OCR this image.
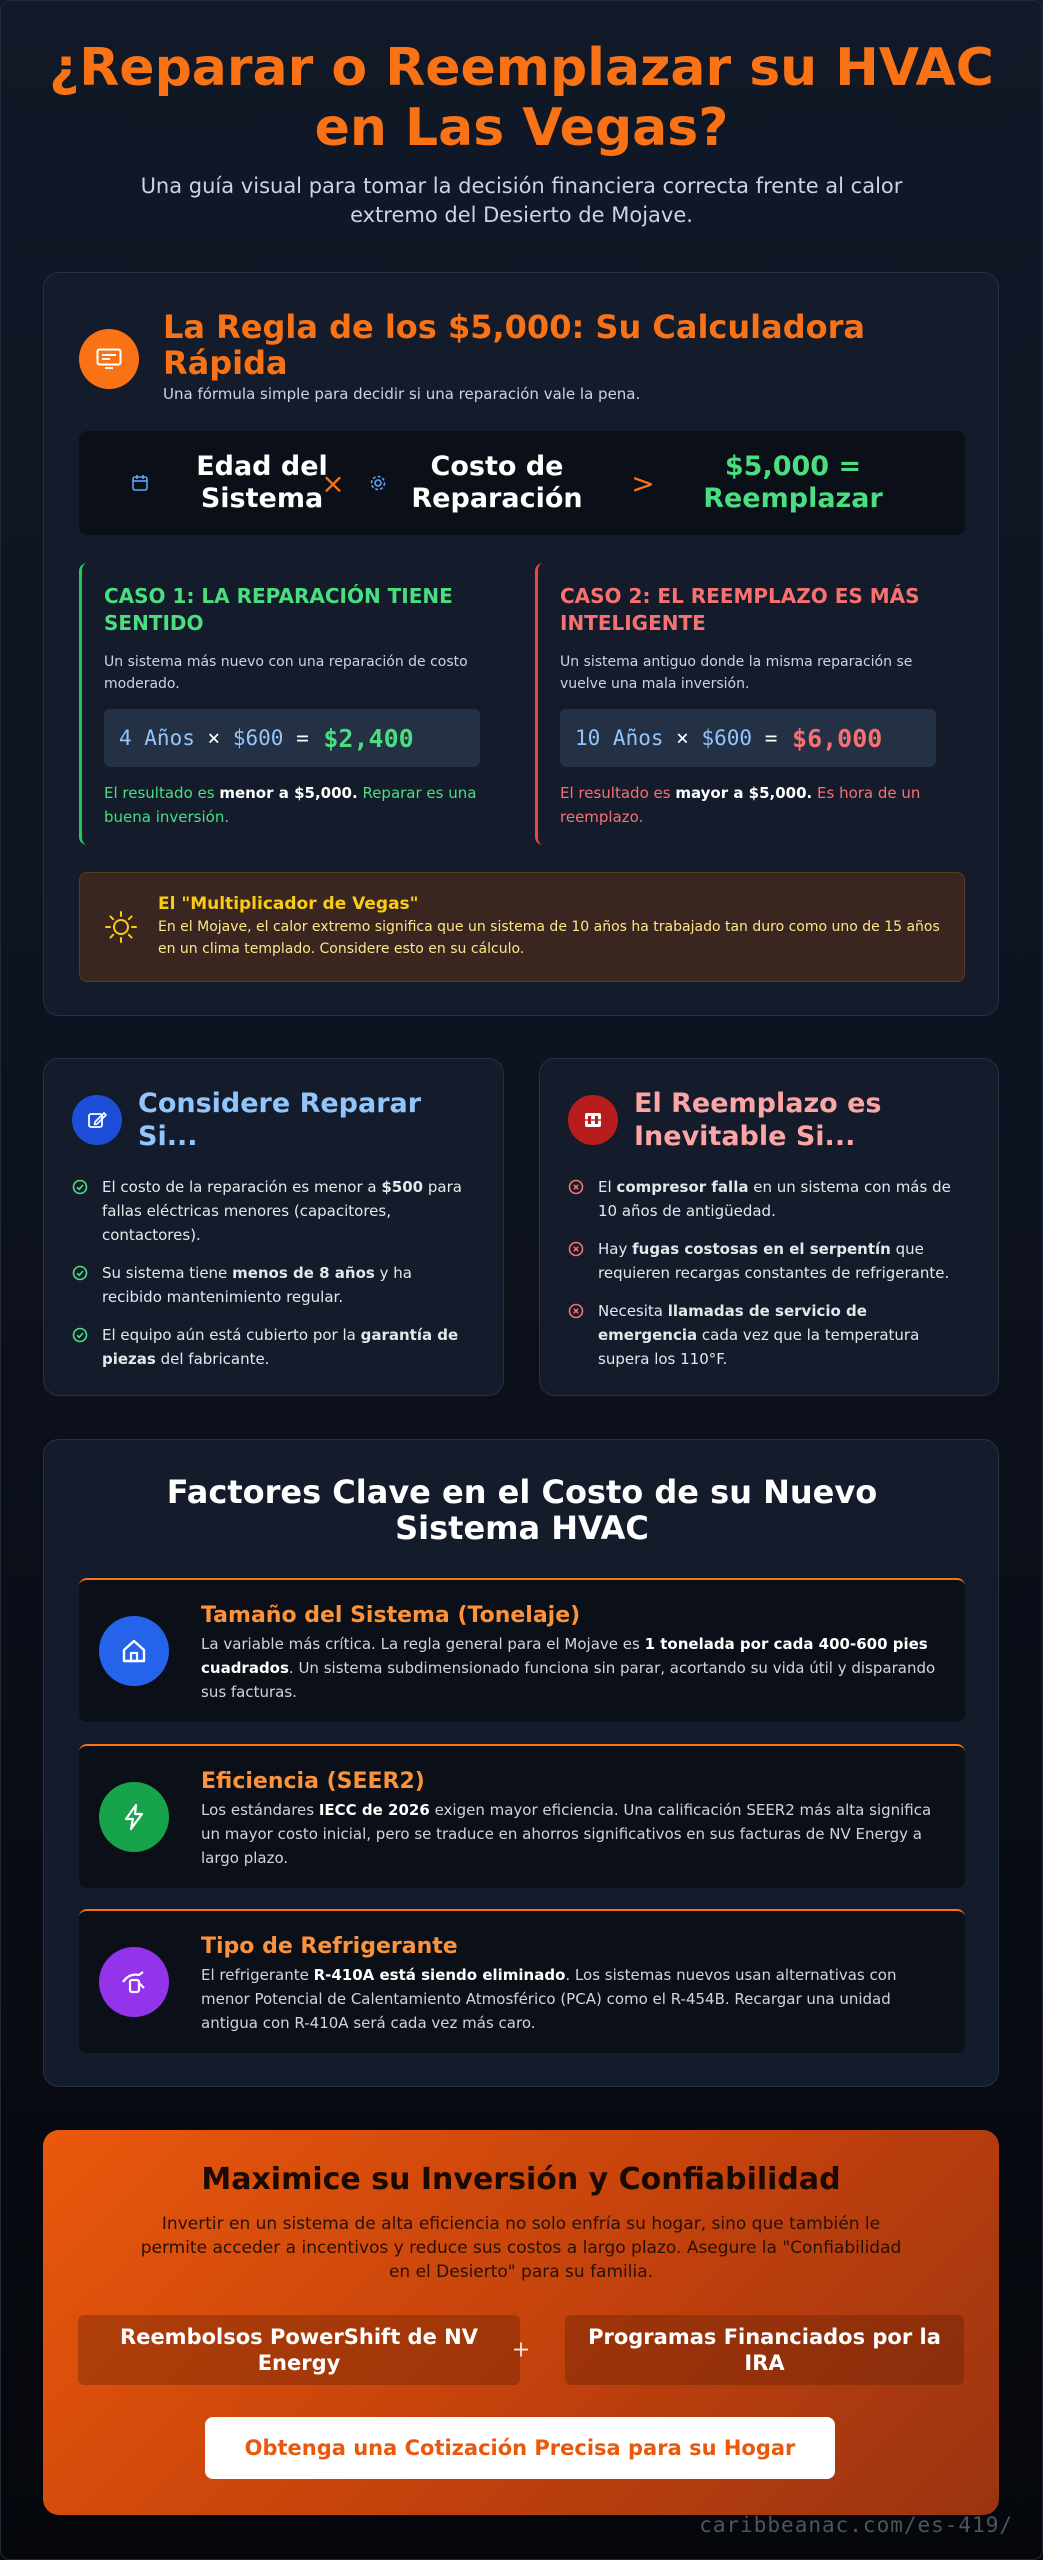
¿Reparar o Reemplazar su HVAC en Las Vegas?

Una guía visual para tomar la decisión financiera correcta frente al calor extremo del Desierto de Mojave.

La Regla de los $5,000: Su Calculadora Rápida

Una fórmula simple para decidir si una reparación vale la pena.

Edad del Sistema
×	Costo de Reparación >	$5,000 = Reemplazar
CASO 1: LA REPARACIÓN TIENE SENTIDO
Un sistema más nuevo con una reparación de costo moderado.
4 Años
×
$600
=
$2,400
El resultado es menor a $5,000. Reparar es una buena inversión.
CASO 2: EL REEMPLAZO ES MÁS INTELIGENTE
Un sistema antiguo donde la misma reparación se vuelve una mala inversión.
10 Años
×
$600
=
$6,000
El resultado es mayor a $5,000. Es hora de un reemplazo.
El "Multiplicador de Vegas"

En el Mojave, el calor extremo significa que un sistema de 10 años ha trabajado tan duro como uno de 15 años en un clima templado. Considere esto en su cálculo.

Considere Reparar Si...
El costo de la reparación es menor a $500 para fallas eléctricas menores (capacitores, contactores).
Su sistema tiene menos de 8 años y ha recibido mantenimiento regular.
El equipo aún está cubierto por la garantía de piezas del fabricante.
El Reemplazo es Inevitable Si...
El compresor falla en un sistema con más de 10 años de antigüedad.
Hay fugas costosas en el serpentín que requieren recargas constantes de refrigerante.
Necesita llamadas de servicio de emergencia cada vez que la temperatura supera los 110°F.
Factores Clave en el Costo de su Nuevo Sistema HVAC
Tamaño del Sistema (Tonelaje)

La variable más crítica. La regla general para el Mojave es 1 tonelada por cada 400-600 pies cuadrados. Un sistema subdimensionado funciona sin parar, acortando su vida útil y disparando sus facturas.

Eficiencia (SEER2)

Los estándares IECC de 2026 exigen mayor eficiencia. Una calificación SEER2 más alta significa un mayor costo inicial, pero se traduce en ahorros significativos en sus facturas de NV Energy a largo plazo.

Tipo de Refrigerante

El refrigerante R-410A está siendo eliminado. Los sistemas nuevos usan alternativas con menor Potencial de Calentamiento Atmosférico (PCA) como el R-454B. Recargar una unidad antigua con R-410A será cada vez más caro.

Maximice su Inversión y Confiabilidad

Invertir en un sistema de alta eficiencia no solo enfría su hogar, sino que también le permite acceder a incentivos y reduce sus costos a largo plazo. Asegure la "Confiabilidad en el Desierto" para su familia.

Reembolsos PowerShift de NV Energy
+
Programas Financiados por la IRA
Obtenga una Cotización Precisa para su Hogar
caribbeanac.com/es-419/
